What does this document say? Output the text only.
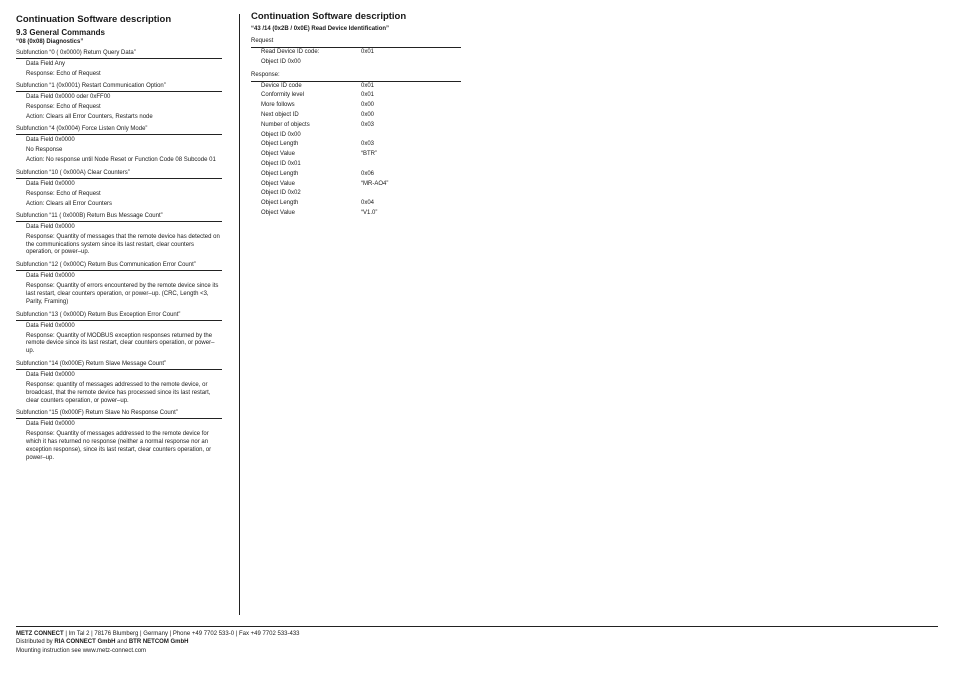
Continuation Software description
9.3 General Commands
“08 (0x08) Diagnostics”
Subfunction “0 ( 0x0000) Return Query Data”
Data Field Any
Response: Echo of Request
Subfunction “1 (0x0001) Restart Communication Option”
Data Field 0x0000 oder 0xFF00
Response: Echo of Request
Action: Clears all Error Counters, Restarts node
Subfunction “4 (0x0004) Force Listen Only Mode”
Data Field 0x0000
No Response
Action: No response until Node Reset or Function Code 08 Subcode 01
Subfunction “10 ( 0x000A) Clear Counters”
Data Field 0x0000
Response: Echo of Request
Action: Clears all Error Counters
Subfunction “11 ( 0x000B) Return Bus Message Count”
Data Field 0x0000
Response: Quantity of messages that the remote device has detected on the communications system since its last restart, clear counters operation, or power–up.
Subfunction “12 ( 0x000C) Return Bus Communication Error Count”
Data Field 0x0000
Response: Quantity of errors encountered by the remote device since its last restart, clear counters operation, or power–up. (CRC, Length <3, Parity, Framing)
Subfunction “13 ( 0x000D) Return Bus Exception Error Count”
Data Field 0x0000
Response: Quantity of MODBUS exception responses returned by the remote device since its last restart, clear counters operation, or power–up.
Subfunction “14 (0x000E) Return Slave Message Count”
Data Field 0x0000
Response: quantity of messages addressed to the remote device, or broadcast, that the remote device has processed since its last restart, clear counters operation, or power–up.
Subfunction “15 (0x000F) Return Slave No Response Count”
Data Field 0x0000
Response: Quantity of messages addressed to the remote device for which it has returned no response (neither a normal response nor an exception response), since its last restart, clear counters operation, or power–up.
Continuation Software description
“43 /14 (0x2B / 0x0E) Read Device Identification”
Request
Read Device ID code:	0x01
Object ID 0x00
Response:
Device ID code	0x01
Conformity level	0x01
More follows	0x00
Next object ID	0x00
Number of objects	0x03
Object ID 0x00
Object Length	0x03
Object Value	“BTR”
Object ID 0x01
Object Length	0x06
Object Value	“MR-AO4”
Object ID 0x02
Object Length	0x04
Object Value	“V1.0”
METZ CONNECT | Im Tal 2 | 78176 Blumberg | Germany | Phone +49 7702 533-0 | Fax +49 7702 533-433
Distributed by RIA CONNECT GmbH and BTR NETCOM GmbH
Mounting instruction see www.metz-connect.com
